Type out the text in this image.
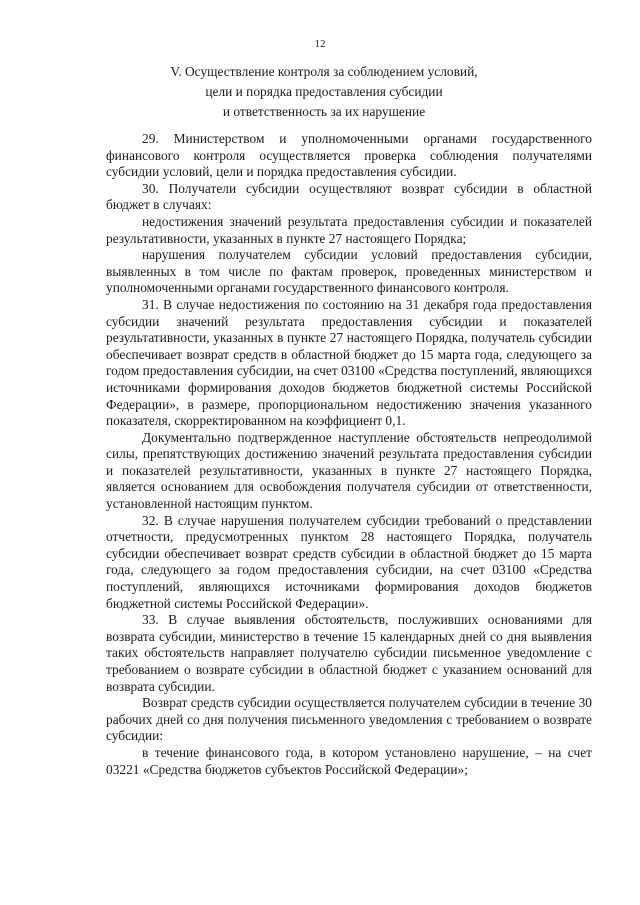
12
V. Осуществление контроля за соблюдением условий,
цели и порядка предоставления субсидии
и ответственность за их нарушение

29. Министерством и уполномоченными органами государственного финансового контроля осуществляется проверка соблюдения получателями субсидии условий, цели и порядка предоставления субсидии.

30. Получатели субсидии осуществляют возврат субсидии в областной бюджет в случаях:

недостижения значений результата предоставления субсидии и показателей результативности, указанных в пункте 27 настоящего Порядка;

нарушения получателем субсидии условий предоставления субсидии, выявленных в том числе по фактам проверок, проведенных министерством и уполномоченными органами государственного финансового контроля.

31. В случае недостижения по состоянию на 31 декабря года предоставления субсидии значений результата предоставления субсидии и показателей результативности, указанных в пункте 27 настоящего Порядка, получатель субсидии обеспечивает возврат средств в областной бюджет до 15 марта года, следующего за годом предоставления субсидии, на счет 03100 «Средства поступлений, являющихся источниками формирования доходов бюджетов бюджетной системы Российской Федерации», в размере, пропорциональном недостижению значения указанного показателя, скорректированном на коэффициент 0,1.

Документально подтвержденное наступление обстоятельств непреодолимой силы, препятствующих достижению значений результата предоставления субсидии и показателей результативности, указанных в пункте 27 настоящего Порядка, является основанием для освобождения получателя субсидии от ответственности, установленной настоящим пунктом.

32. В случае нарушения получателем субсидии требований о представлении отчетности, предусмотренных пунктом 28 настоящего Порядка, получатель субсидии обеспечивает возврат средств субсидии в областной бюджет до 15 марта года, следующего за годом предоставления субсидии, на счет 03100 «Средства поступлений, являющихся источниками формирования доходов бюджетов бюджетной системы Российской Федерации».

33. В случае выявления обстоятельств, послуживших основаниями для возврата субсидии, министерство в течение 15 календарных дней со дня выявления таких обстоятельств направляет получателю субсидии письменное уведомление с требованием о возврате субсидии в областной бюджет с указанием оснований для возврата субсидии.

Возврат средств субсидии осуществляется получателем субсидии в течение 30 рабочих дней со дня получения письменного уведомления с требованием о возврате субсидии:

в течение финансового года, в котором установлено нарушение, – на счет 03221 «Средства бюджетов субъектов Российской Федерации»;
